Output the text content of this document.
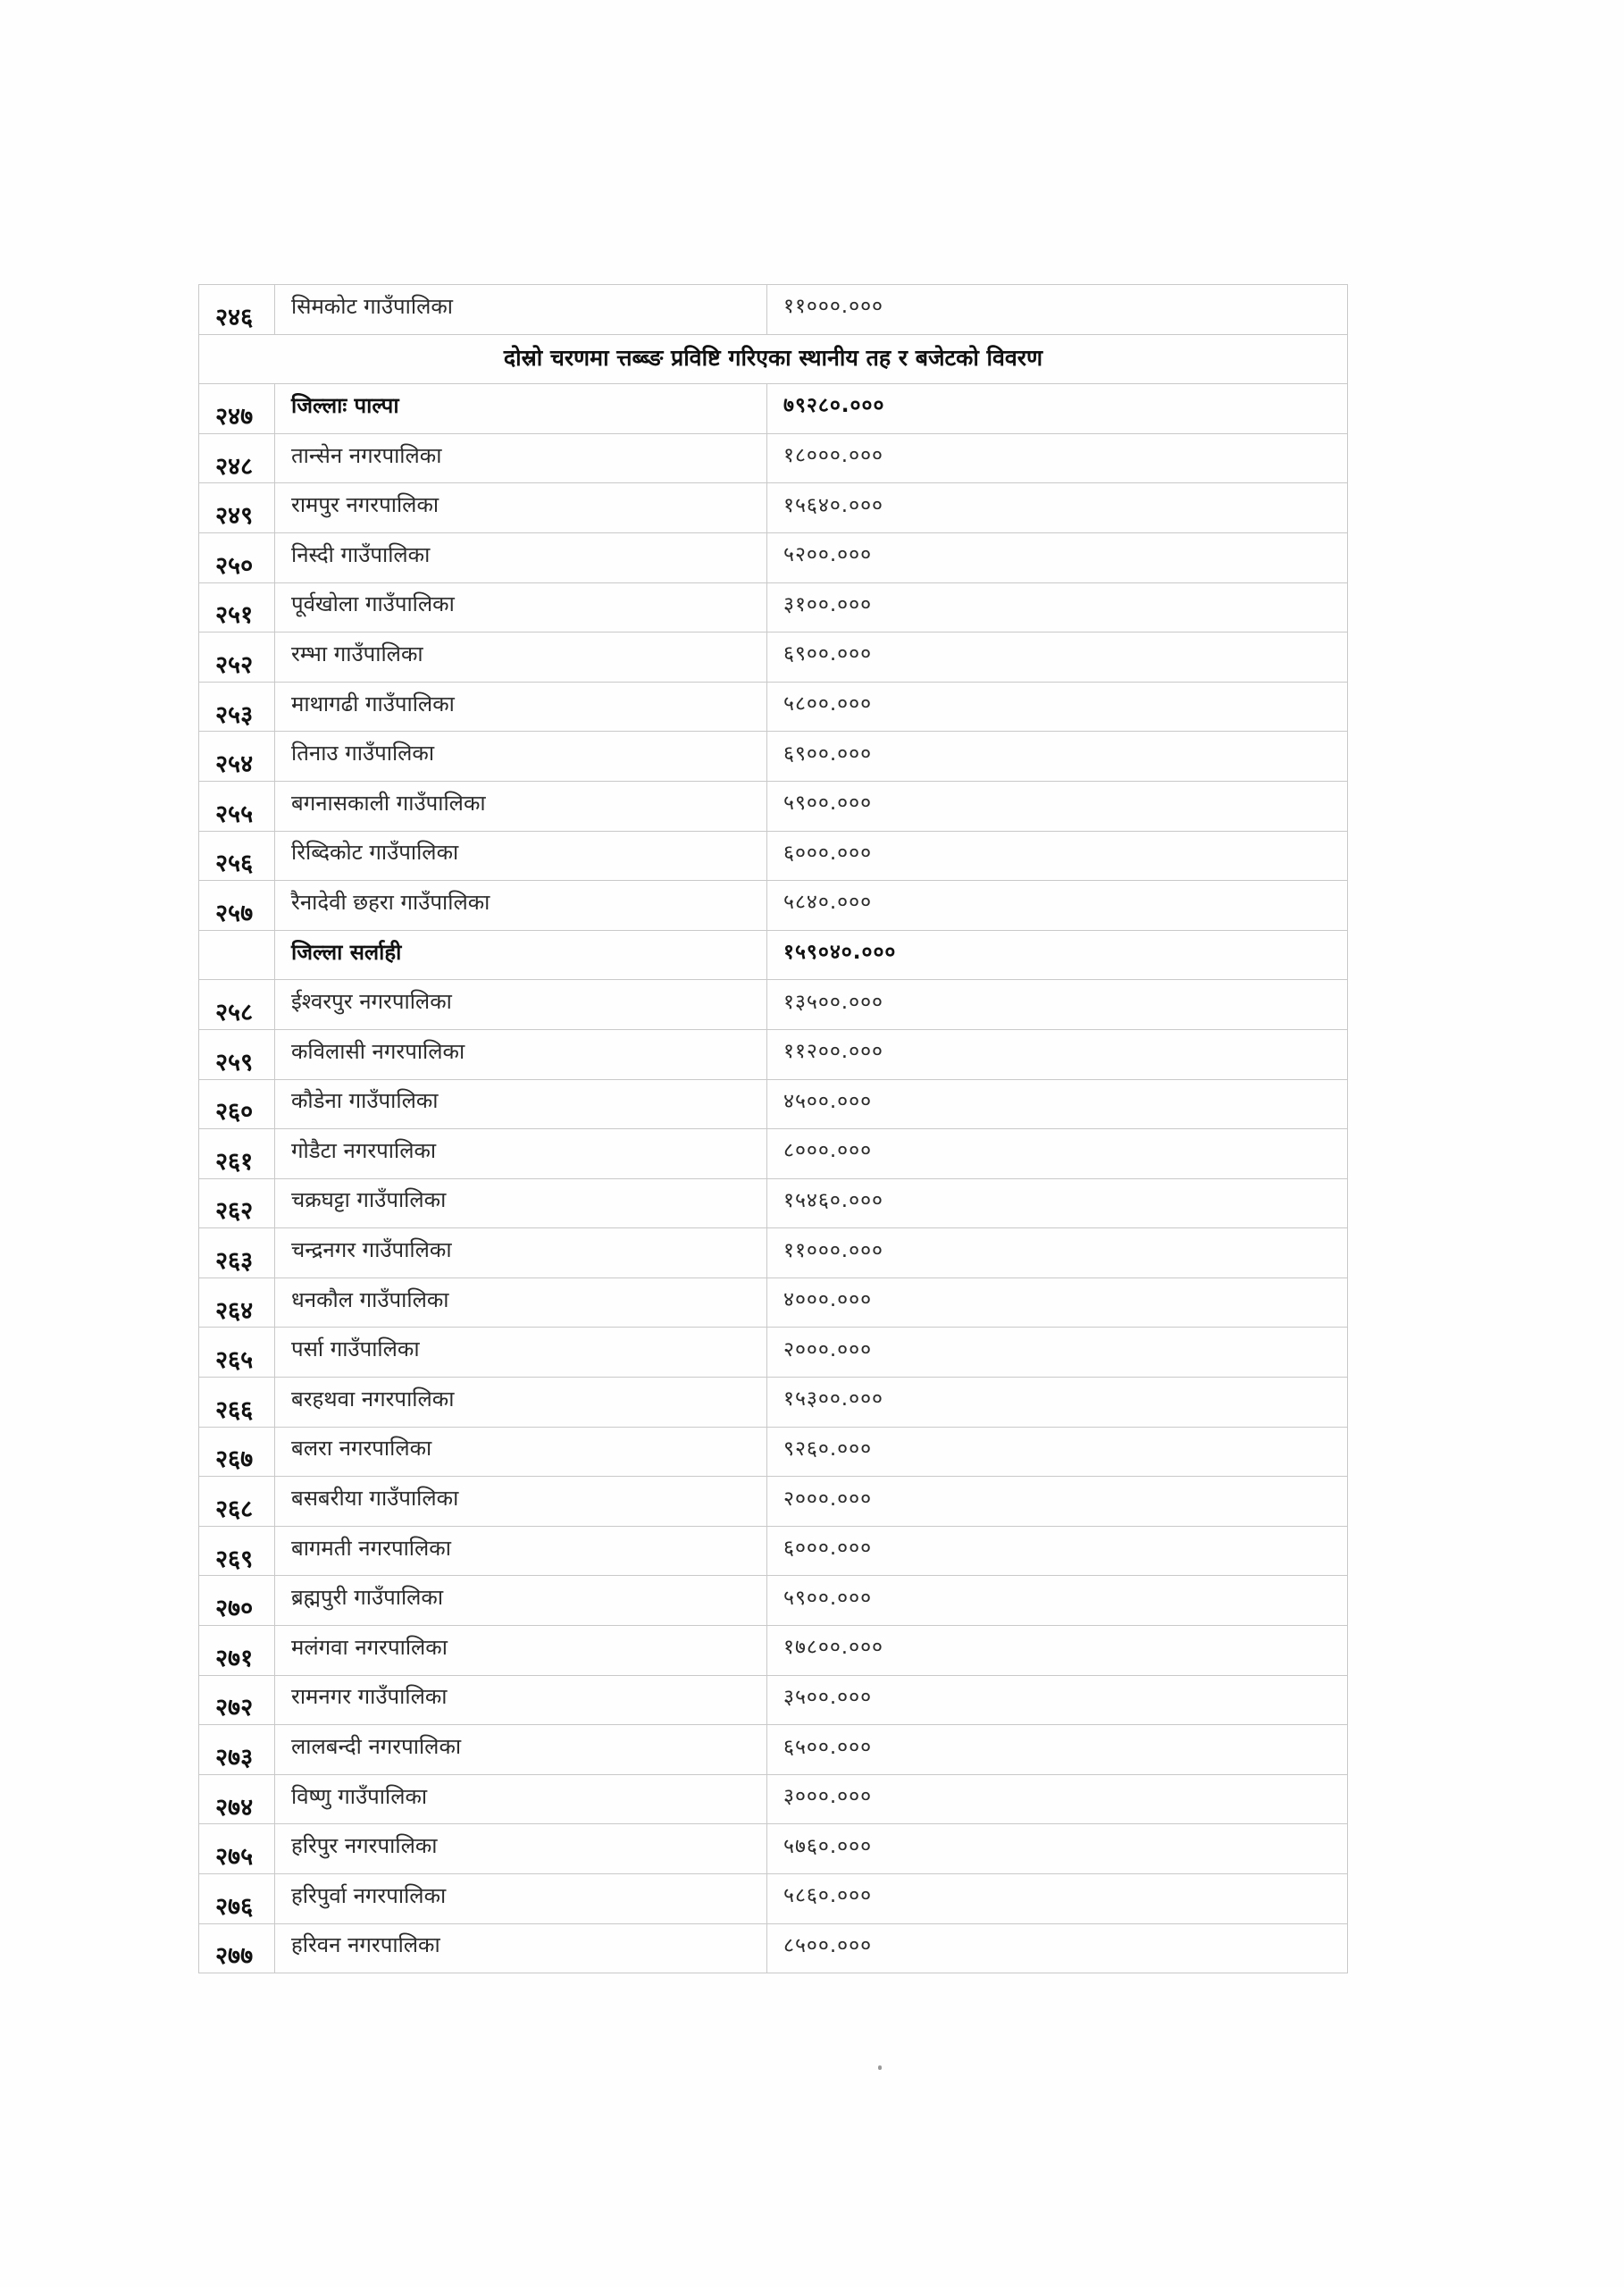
२४६	सिमकोट गाउँपालिका	११०००.०००
दोस्रो चरणमा त्तब्ब्ङ प्रविष्टि गरिएका स्थानीय तह र बजेटको विवरण		
२४७	जिल्लाः पाल्पा	७९२८०.०००
२४८	तान्सेन नगरपालिका	१८०००.०००
२४९	रामपुर नगरपालिका	१५६४०.०००
२५०	निस्दी गाउँपालिका	५२००.०००
२५१	पूर्वखोला गाउँपालिका	३१००.०००
२५२	रम्भा गाउँपालिका	६९००.०००
२५३	माथागढी गाउँपालिका	५८००.०००
२५४	तिनाउ गाउँपालिका	६९००.०००
२५५	बगनासकाली गाउँपालिका	५९००.०००
२५६	रिब्दिकोट गाउँपालिका	६०००.०००
२५७	रैनादेवी छहरा गाउँपालिका	५८४०.०००
	जिल्ला सर्लाही	१५९०४०.०००
२५८	ईश्वरपुर नगरपालिका	१३५००.०००
२५९	कविलासी नगरपालिका	११२००.०००
२६०	कौडेना गाउँपालिका	४५००.०००
२६१	गोडैटा नगरपालिका	८०००.०००
२६२	चक्रघट्टा गाउँपालिका	१५४६०.०००
२६३	चन्द्रनगर गाउँपालिका	११०००.०००
२६४	धनकौल गाउँपालिका	४०००.०००
२६५	पर्सा गाउँपालिका	२०००.०००
२६६	बरहथवा नगरपालिका	१५३००.०००
२६७	बलरा नगरपालिका	९२६०.०००
२६८	बसबरीया गाउँपालिका	२०००.०००
२६९	बागमती नगरपालिका	६०००.०००
२७०	ब्रह्मपुरी गाउँपालिका	५९००.०००
२७१	मलंगवा नगरपालिका	१७८००.०००
२७२	रामनगर गाउँपालिका	३५००.०००
२७३	लालबन्दी नगरपालिका	६५००.०००
२७४	विष्णु गाउँपालिका	३०००.०००
२७५	हरिपुर नगरपालिका	५७६०.०००
२७६	हरिपुर्वा नगरपालिका	५८६०.०००
२७७	हरिवन नगरपालिका	८५००.०००
